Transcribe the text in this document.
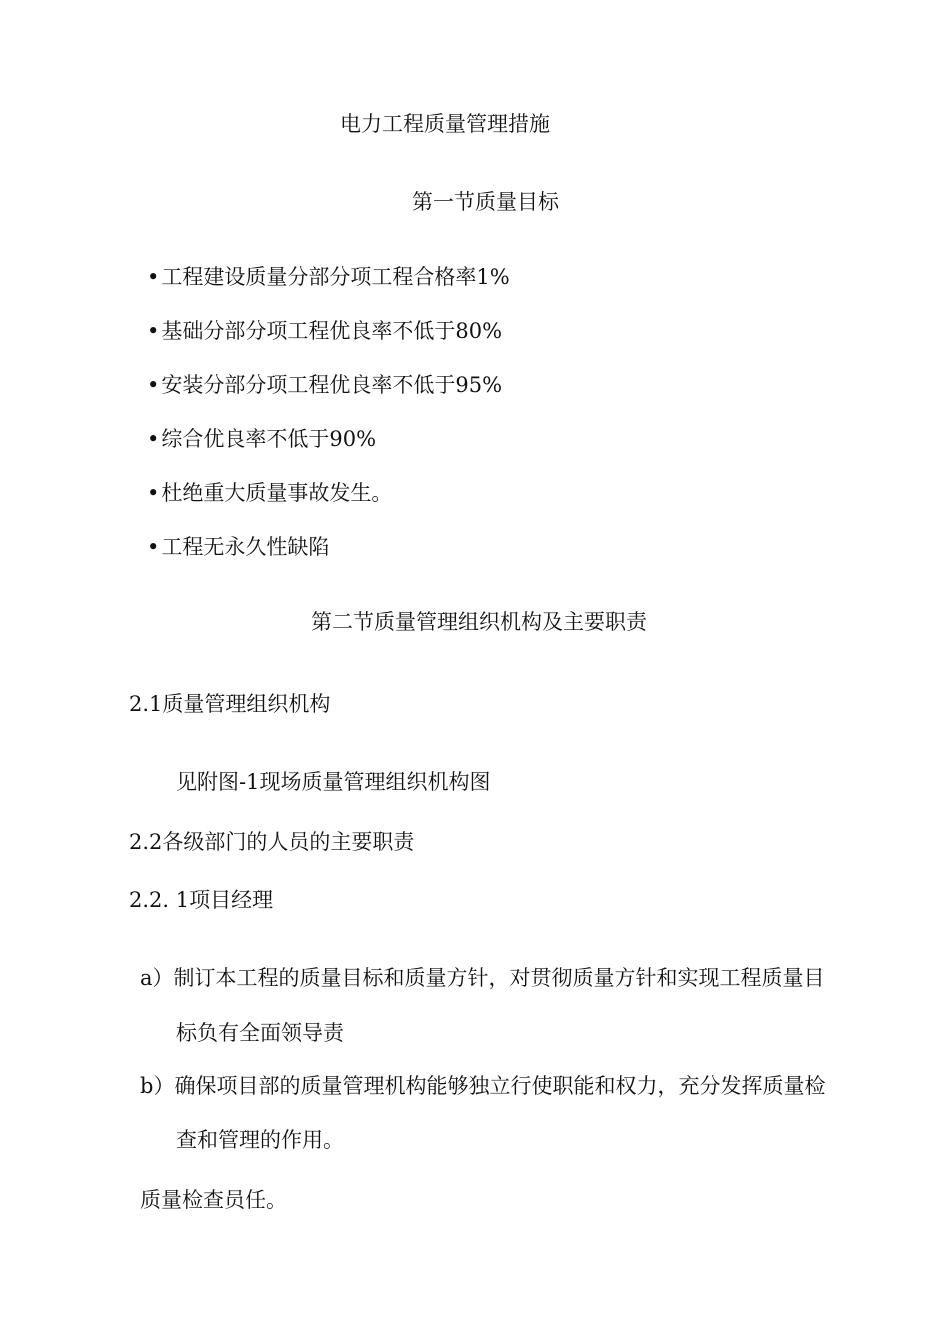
电力工程质量管理措施
第一节质量目标
•工程建设质量分部分项工程合格率1%
•基础分部分项工程优良率不低于80%
•安装分部分项工程优良率不低于95%
•综合优良率不低于90%
•杜绝重大质量事故发生。
•工程无永久性缺陷
第二节质量管理组织机构及主要职责
2.1质量管理组织机构
见附图-1现场质量管理组织机构图
2.2各级部门的人员的主要职责
2.2. 1项目经理
a）制订本工程的质量目标和质量方针，对贯彻质量方针和实现工程质量目
标负有全面领导责
b）确保项目部的质量管理机构能够独立行使职能和权力，充分发挥质量检
查和管理的作用。
质量检查员任。
